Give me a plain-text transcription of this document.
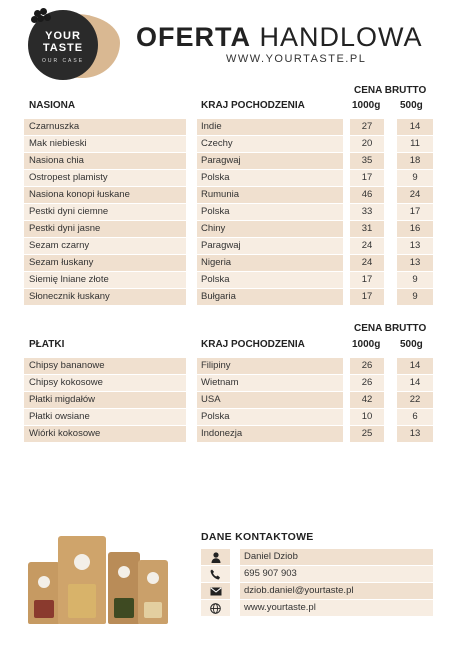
YOUR
TASTE
OUR CASE
OFERTA HANDLOWA
WWW.YOURTASTE.PL
NASIONA	KRAJ POCHODZENIA
CENA BRUTTO
1000g 500g
Czarnuszka	Indie	27	14
Mak niebieski	Czechy	20	11
Nasiona chia	Paragwaj	35	18
Ostropest plamisty	Polska	17	9
Nasiona konopi łuskane	Rumunia	46	24
Pestki dyni ciemne	Polska	33	17
Pestki dyni jasne	Chiny	31	16
Sezam czarny	Paragwaj	24	13
Sezam łuskany	Nigeria	24	13
Siemię lniane złote	Polska	17	9
Słonecznik łuskany	Bułgaria	17	9
CENA BRUTTO
PŁATKI	KRAJ POCHODZENIA	1000g 500g
Chipsy bananowe	Filipiny	26	14
Chipsy kokosowe	Wietnam	26	14
Płatki migdałów	USA	42	22
Płatki owsiane	Polska	10	6
Wiórki kokosowe	Indonezja	25	13
DANE KONTAKTOWE
Daniel Dziob
695 907 903
dziob.daniel@yourtaste.pl
www.yourtaste.pl
